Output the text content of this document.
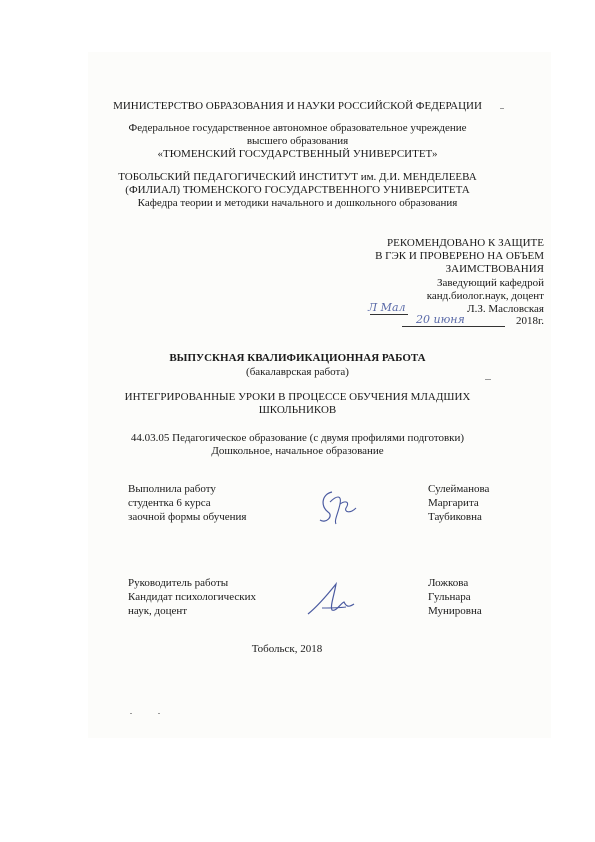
МИНИСТЕРСТВО ОБРАЗОВАНИЯ И НАУКИ РОССИЙСКОЙ ФЕДЕРАЦИИ
Федеральное государственное автономное образовательное учреждение
высшего образования
«ТЮМЕНСКИЙ ГОСУДАРСТВЕННЫЙ УНИВЕРСИТЕТ»
ТОБОЛЬСКИЙ ПЕДАГОГИЧЕСКИЙ ИНСТИТУТ им. Д.И. МЕНДЕЛЕЕВА
(ФИЛИАЛ) ТЮМЕНСКОГО ГОСУДАРСТВЕННОГО УНИВЕРСИТЕТА
Кафедра теории и методики начального и дошкольного образования
РЕКОМЕНДОВАНО К ЗАЩИТЕ
В ГЭК И ПРОВЕРЕНО НА ОБЪЕМ
ЗАИМСТВОВАНИЯ
Заведующий кафедрой
канд.биолог.наук, доцент
Л Мал	Л.З. Масловская
20 июня	2018г.
ВЫПУСКНАЯ КВАЛИФИКАЦИОННАЯ РАБОТА
(бакалаврская работа)
ИНТЕГРИРОВАННЫЕ УРОКИ В ПРОЦЕССЕ ОБУЧЕНИЯ МЛАДШИХ
ШКОЛЬНИКОВ
44.03.05 Педагогическое образование (с двумя профилями подготовки)
Дошкольное, начальное образование
Выполнила работу
студентка 6 курса
заочной формы обучения
Сулейманова
Маргарита
Таубиковна
Руководитель работы
Кандидат психологических
наук, доцент
Ложкова
Гульнара
Мунировна
Тобольск, 2018
